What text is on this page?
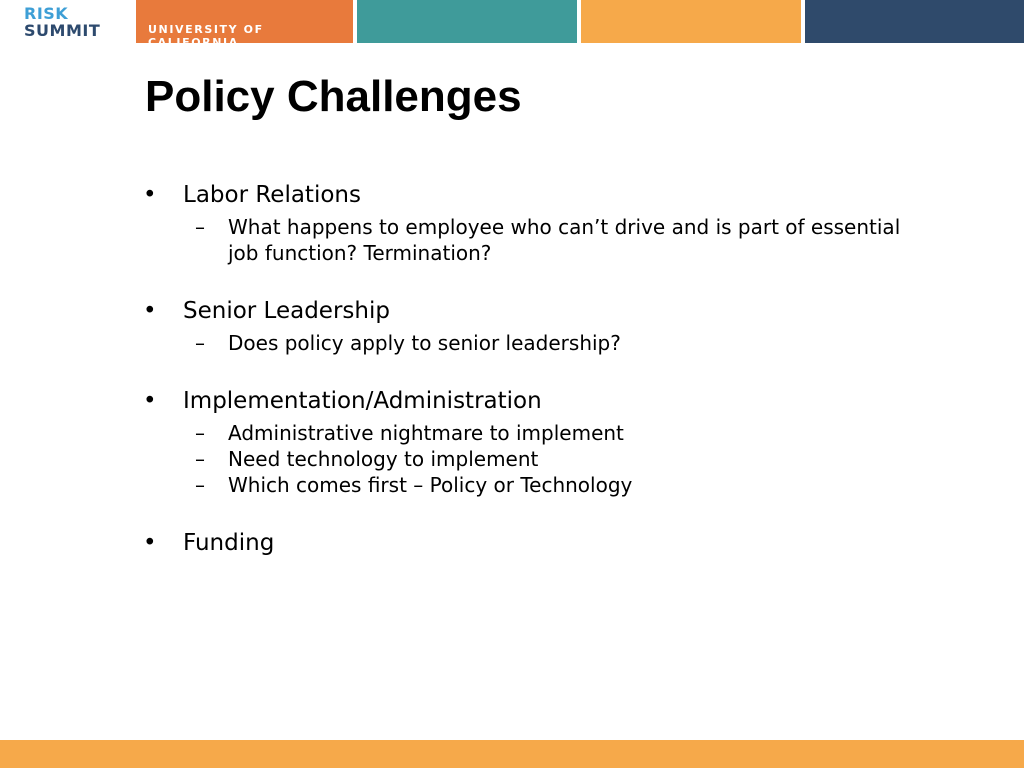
RISK
SUMMIT	UNIVERSITY OF CALIFORNIA
Policy Challenges

• Labor Relations

– What happens to employee who can’t drive and is part of essential job function? Termination?

• Senior Leadership

– Does policy apply to senior leadership?

• Implementation/Administration

– Administrative nightmare to implement

– Need technology to implement

– Which comes first – Policy or Technology

• Funding
